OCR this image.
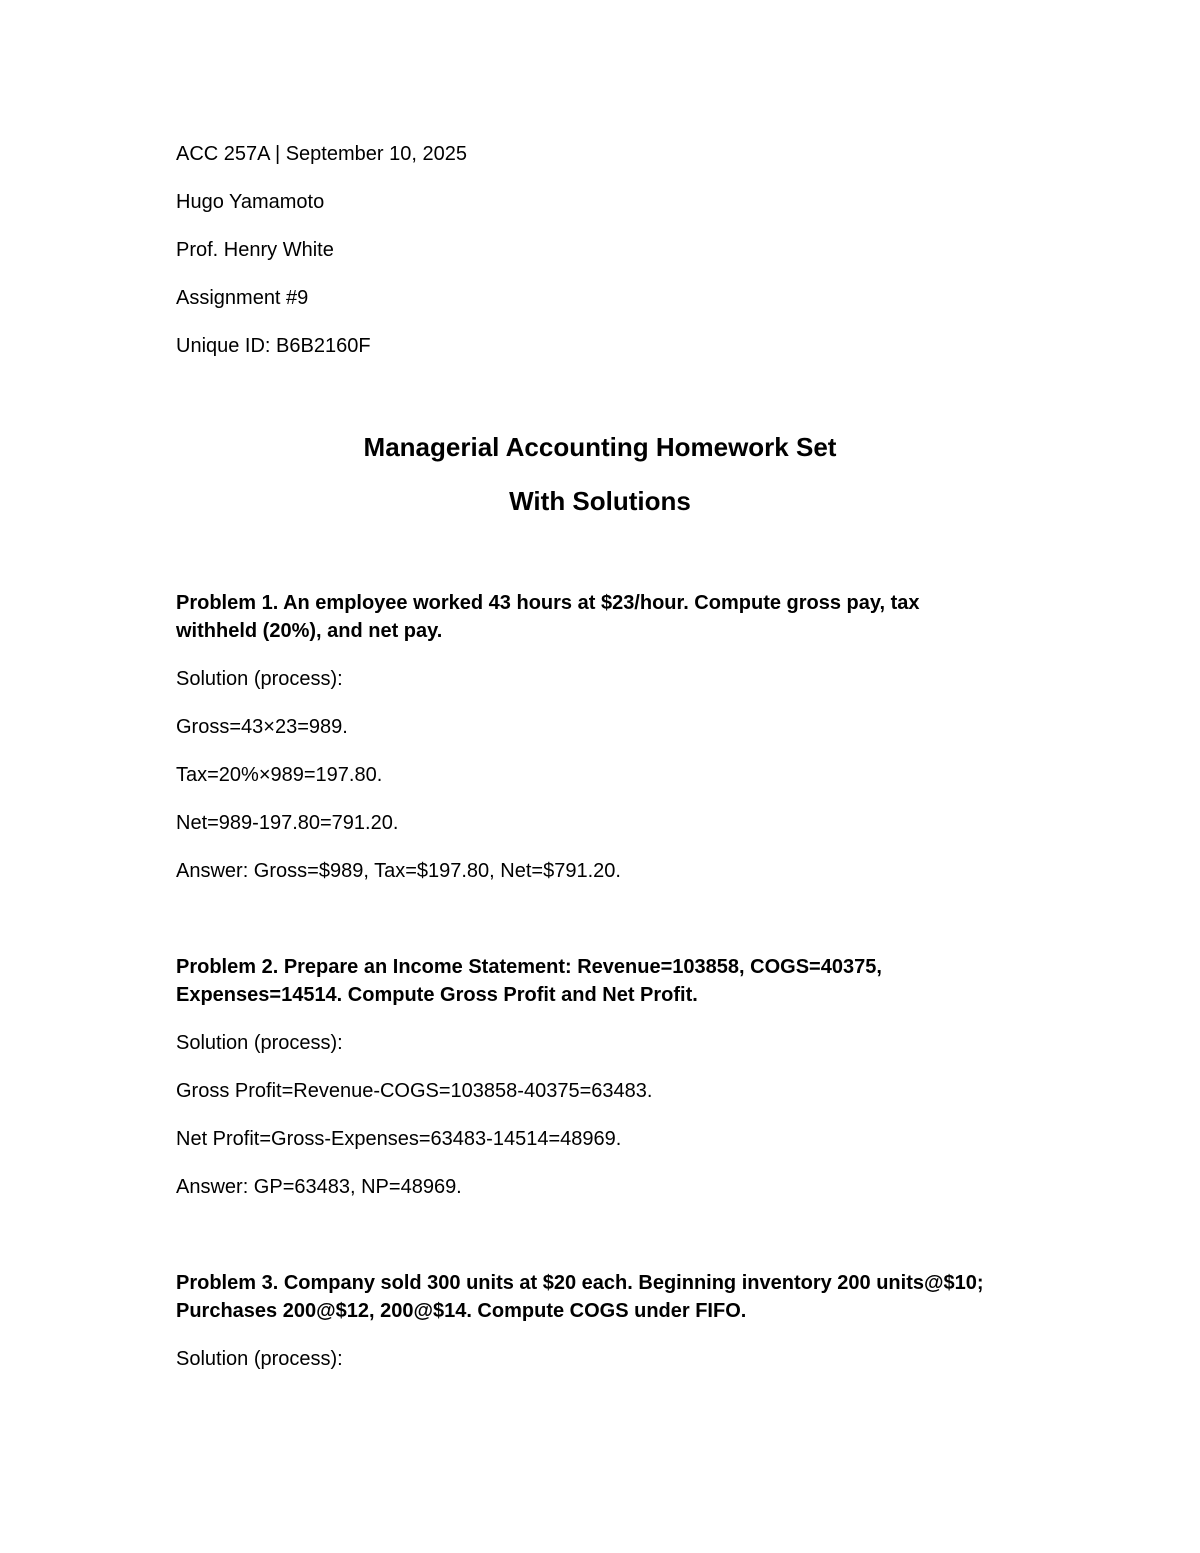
ACC 257A | September 10, 2025
Hugo Yamamoto
Prof. Henry White
Assignment #9
Unique ID: B6B2160F
Managerial Accounting Homework Set
With Solutions
Problem 1. An employee worked 43 hours at $23/hour. Compute gross pay, tax withheld (20%), and net pay.
Solution (process):
Gross=43×23=989.
Tax=20%×989=197.80.
Net=989-197.80=791.20.
Answer: Gross=$989, Tax=$197.80, Net=$791.20.
Problem 2. Prepare an Income Statement: Revenue=103858, COGS=40375, Expenses=14514. Compute Gross Profit and Net Profit.
Solution (process):
Gross Profit=Revenue-COGS=103858-40375=63483.
Net Profit=Gross-Expenses=63483-14514=48969.
Answer: GP=63483, NP=48969.
Problem 3. Company sold 300 units at $20 each. Beginning inventory 200 units@$10; Purchases 200@$12, 200@$14. Compute COGS under FIFO.
Solution (process):
